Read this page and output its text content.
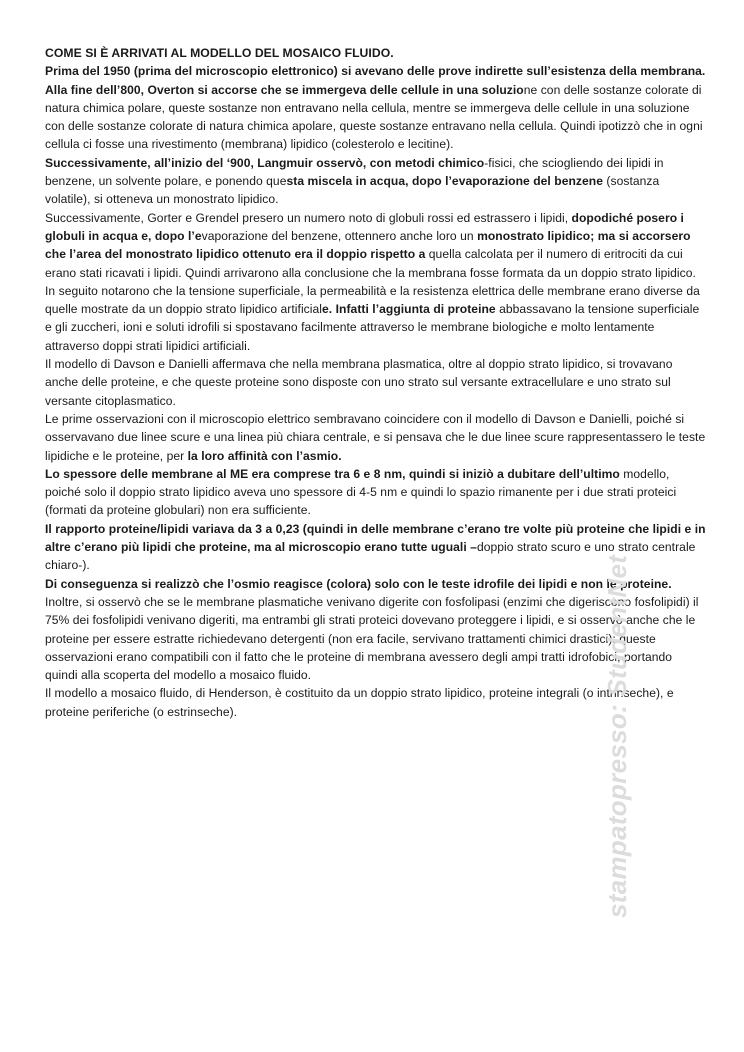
COME SI È ARRIVATI AL MODELLO DEL MOSAICO FLUIDO.

Prima del 1950 (prima del microscopio elettronico) si avevano delle prove indirette sull’esistenza della membrana.

Alla fine dell’800, Overton si accorse che se immergeva delle cellule in una soluzione con delle sostanze colorate di natura chimica polare, queste sostanze non entravano nella cellula, mentre se immergeva delle cellule in una soluzione con delle sostanze colorate di natura chimica apolare, queste sostanze entravano nella cellula. Quindi ipotizzò che in ogni cellula ci fosse una rivestimento (membrana) lipidico (colesterolo e lecitine).

Successivamente, all’inizio del ‘900, Langmuir osservò, con metodi chimico-fisici, che sciogliendo dei lipidi in benzene, un solvente polare, e ponendo questa miscela in acqua, dopo l’evaporazione del benzene (sostanza volatile), si otteneva un monostrato lipidico.

Successivamente, Gorter e Grendel presero un numero noto di globuli rossi ed estrassero i lipidi, dopodiché posero i globuli in acqua e, dopo l’evaporazione del benzene, ottennero anche loro un monostrato lipidico; ma si accorsero che l’area del monostrato lipidico ottenuto era il doppio rispetto a quella calcolata per il numero di eritrociti da cui erano stati ricavati i lipidi. Quindi arrivarono alla conclusione che la membrana fosse formata da un doppio strato lipidico.

In seguito notarono che la tensione superficiale, la permeabilità e la resistenza elettrica delle membrane erano diverse da quelle mostrate da un doppio strato lipidico artificiale. Infatti l’aggiunta di proteine abbassavano la tensione superficiale e gli zuccheri, ioni e soluti idrofili si spostavano facilmente attraverso le membrane biologiche e molto lentamente attraverso doppi strati lipidici artificiali.

Il modello di Davson e Danielli affermava che nella membrana plasmatica, oltre al doppio strato lipidico, si trovavano anche delle proteine, e che queste proteine sono disposte con uno strato sul versante extracellulare e uno strato sul versante citoplasmatico.

Le prime osservazioni con il microscopio elettrico sembravano coincidere con il modello di Davson e Danielli, poiché si osservavano due linee scure e una linea più chiara centrale, e si pensava che le due linee scure rappresentassero le teste lipidiche e le proteine, per la loro affinità con l’asmio.

Lo spessore delle membrane al ME era comprese tra 6 e 8 nm, quindi si iniziò a dubitare dell’ultimo modello, poiché solo il doppio strato lipidico aveva uno spessore di 4-5 nm e quindi lo spazio rimanente per i due strati proteici (formati da proteine globulari) non era sufficiente.

Il rapporto proteine/lipidi variava da 3 a 0,23 (quindi in delle membrane c’erano tre volte più proteine che lipidi e in altre c’erano più lipidi che proteine, ma al microscopio erano tutte uguali –doppio strato scuro e uno strato centrale chiaro-).

Di conseguenza si realizzò che l’osmio reagisce (colora) solo con le teste idrofile dei lipidi e non le proteine.

Inoltre, si osservò che se le membrane plasmatiche venivano digerite con fosfolipasi (enzimi che digeriscono fosfolipidi) il 75% dei fosfolipidi venivano digeriti, ma entrambi gli strati proteici dovevano proteggere i lipidi, e si osservò anche che le proteine per essere estratte richiedevano detergenti (non era facile, servivano trattamenti chimici drastici); queste osservazioni erano compatibili con il fatto che le proteine di membrana avessero degli ampi tratti idrofobici, portando quindi alla scoperta del modello a mosaico fluido.

Il modello a mosaico fluido, di Henderson, è costituito da un doppio strato lipidico, proteine integrali (o intrinseche), e proteine periferiche (o estrinseche).	stampatopresso: StudentNet
